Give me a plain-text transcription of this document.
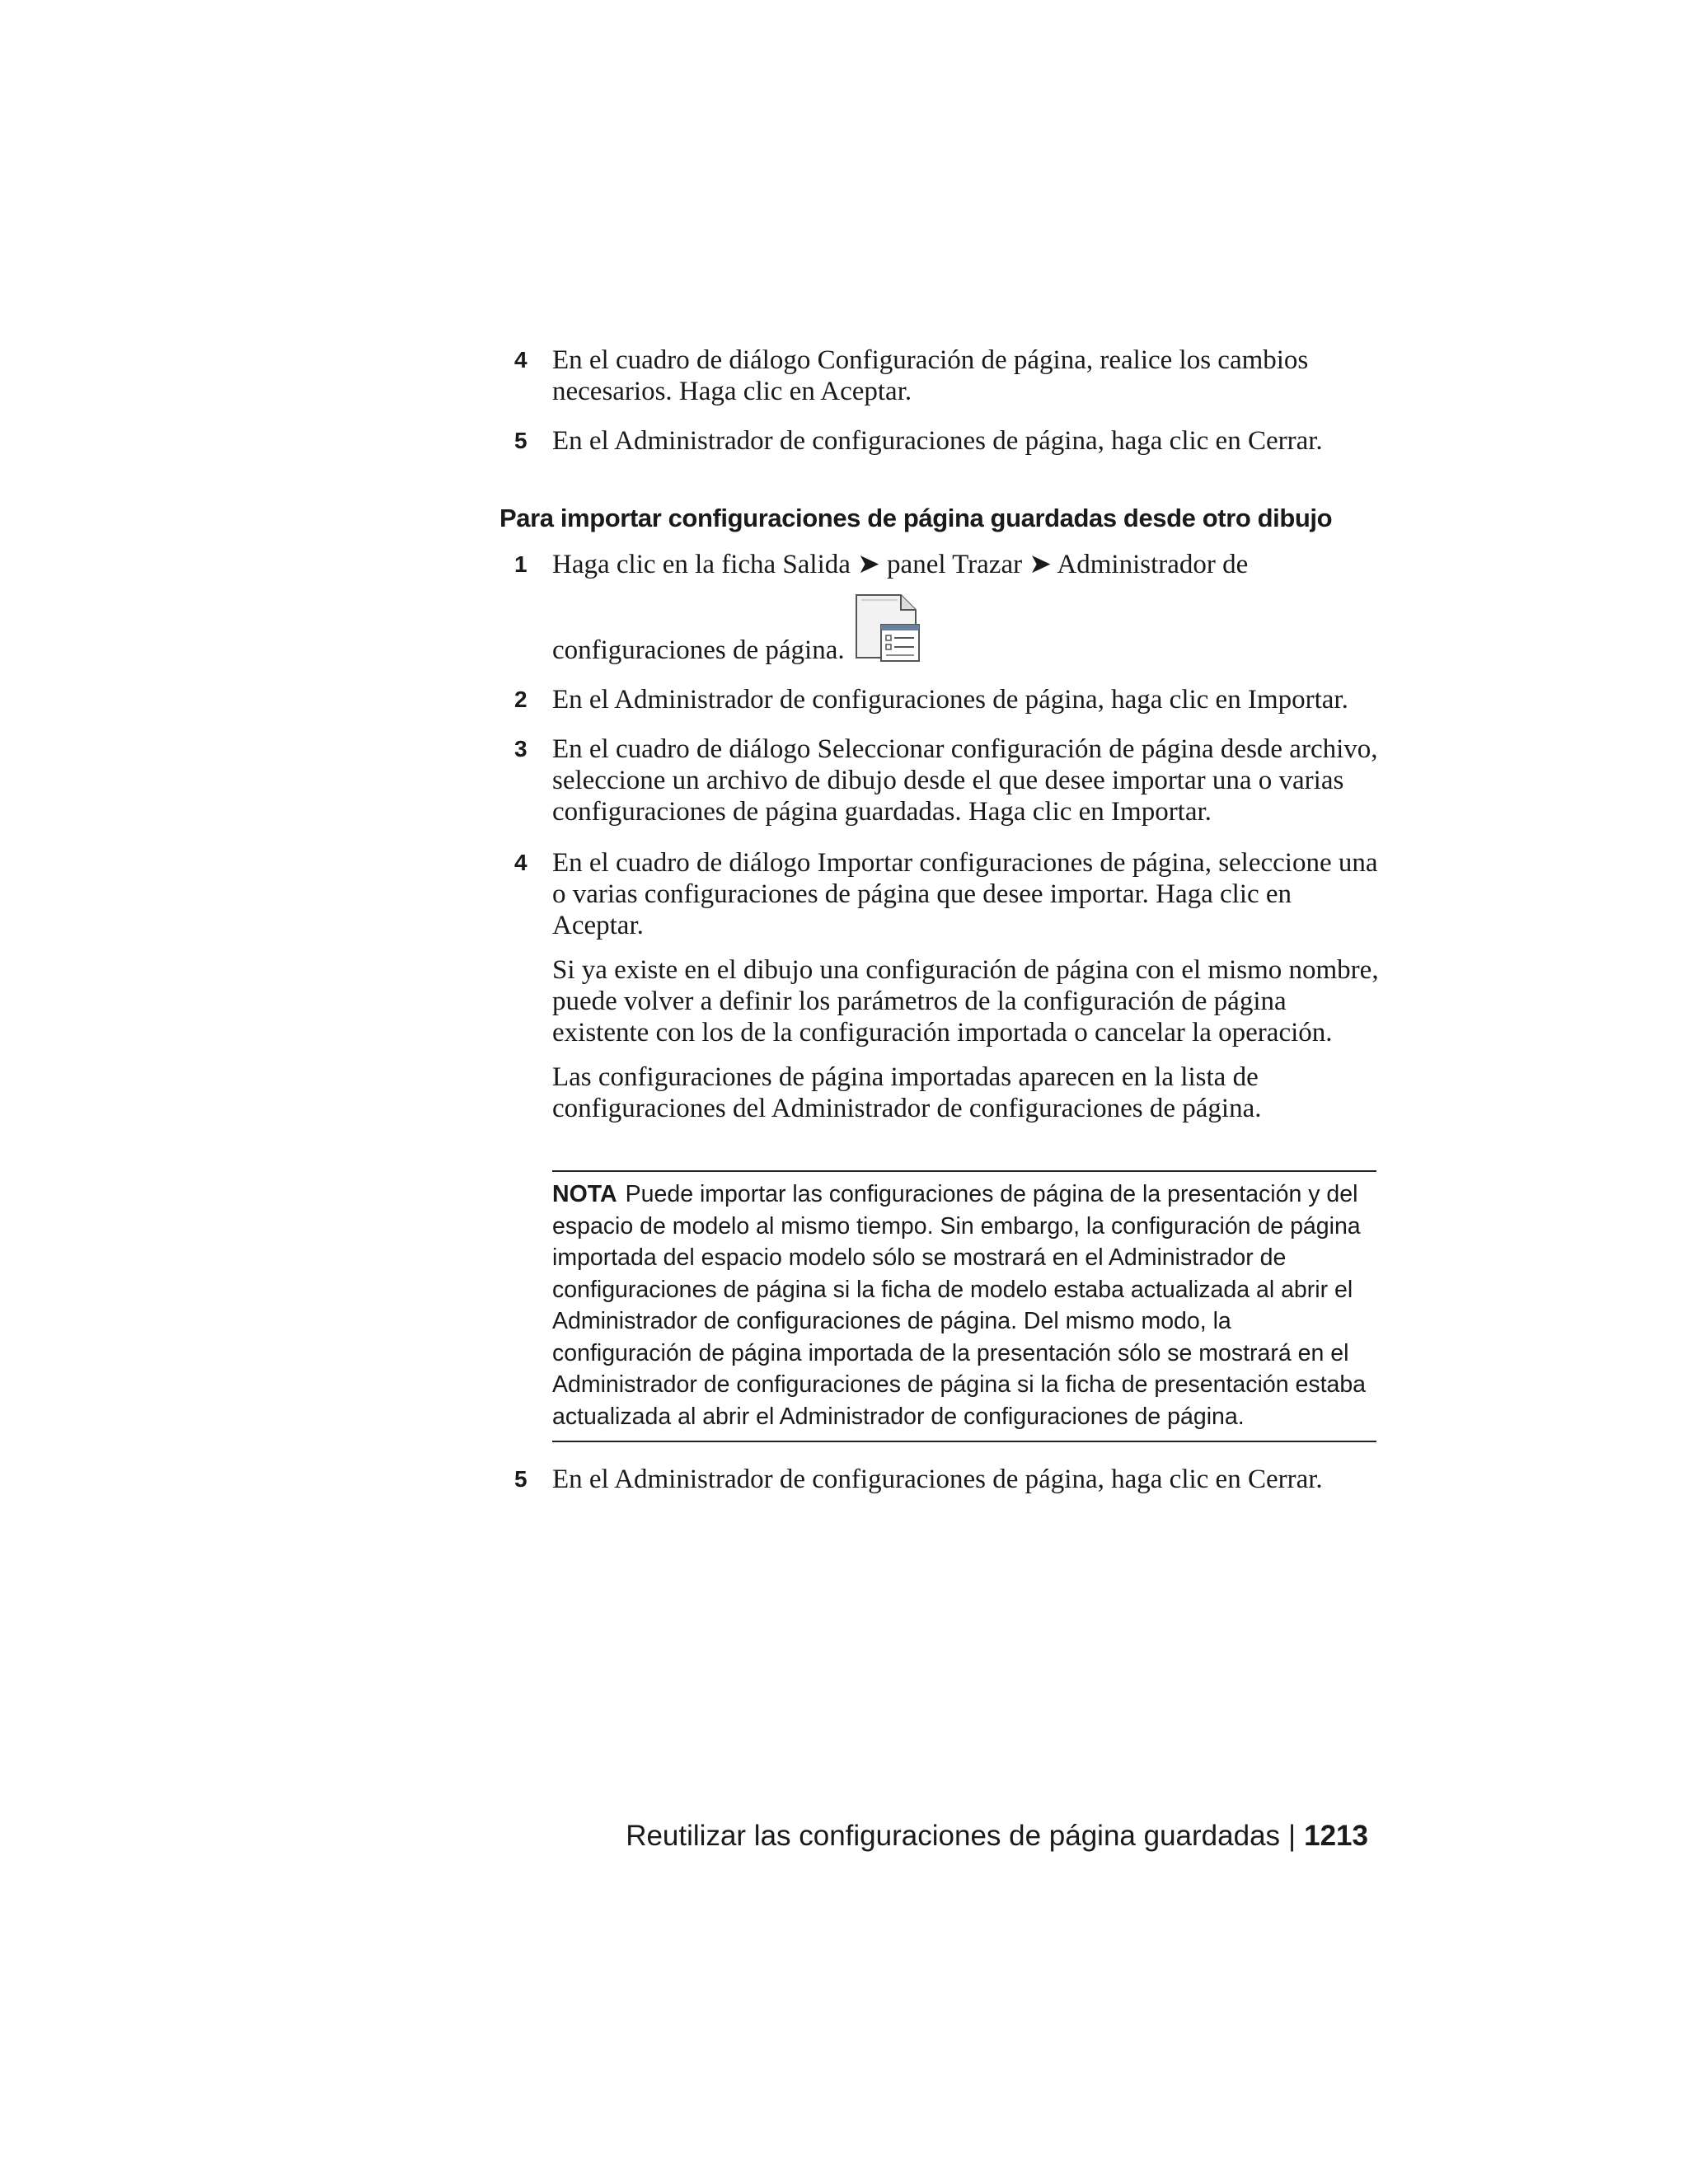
4 En el cuadro de diálogo Configuración de página, realice los cambios necesarios. Haga clic en Aceptar.

5 En el Administrador de configuraciones de página, haga clic en Cerrar.

Para importar configuraciones de página guardadas desde otro dibujo
1 Haga clic en la ficha Salida ➤ panel Trazar ➤ Administrador de
configuraciones de página.
2 En el Administrador de configuraciones de página, haga clic en Importar.

3 En el cuadro de diálogo Seleccionar configuración de página desde archivo, seleccione un archivo de dibujo desde el que desee importar una o varias configuraciones de página guardadas. Haga clic en Importar.

4 En el cuadro de diálogo Importar configuraciones de página, seleccione una o varias configuraciones de página que desee importar. Haga clic en Aceptar.

Si ya existe en el dibujo una configuración de página con el mismo nombre, puede volver a definir los parámetros de la configuración de página existente con los de la configuración importada o cancelar la operación.

Las configuraciones de página importadas aparecen en la lista de configuraciones del Administrador de configuraciones de página.

NOTA Puede importar las configuraciones de página de la presentación y del espacio de modelo al mismo tiempo. Sin embargo, la configuración de página importada del espacio modelo sólo se mostrará en el Administrador de configuraciones de página si la ficha de modelo estaba actualizada al abrir el Administrador de configuraciones de página. Del mismo modo, la configuración de página importada de la presentación sólo se mostrará en el Administrador de configuraciones de página si la ficha de presentación estaba actualizada al abrir el Administrador de configuraciones de página.
5 En el Administrador de configuraciones de página, haga clic en Cerrar.

Reutilizar las configuraciones de página guardadas | 1213
